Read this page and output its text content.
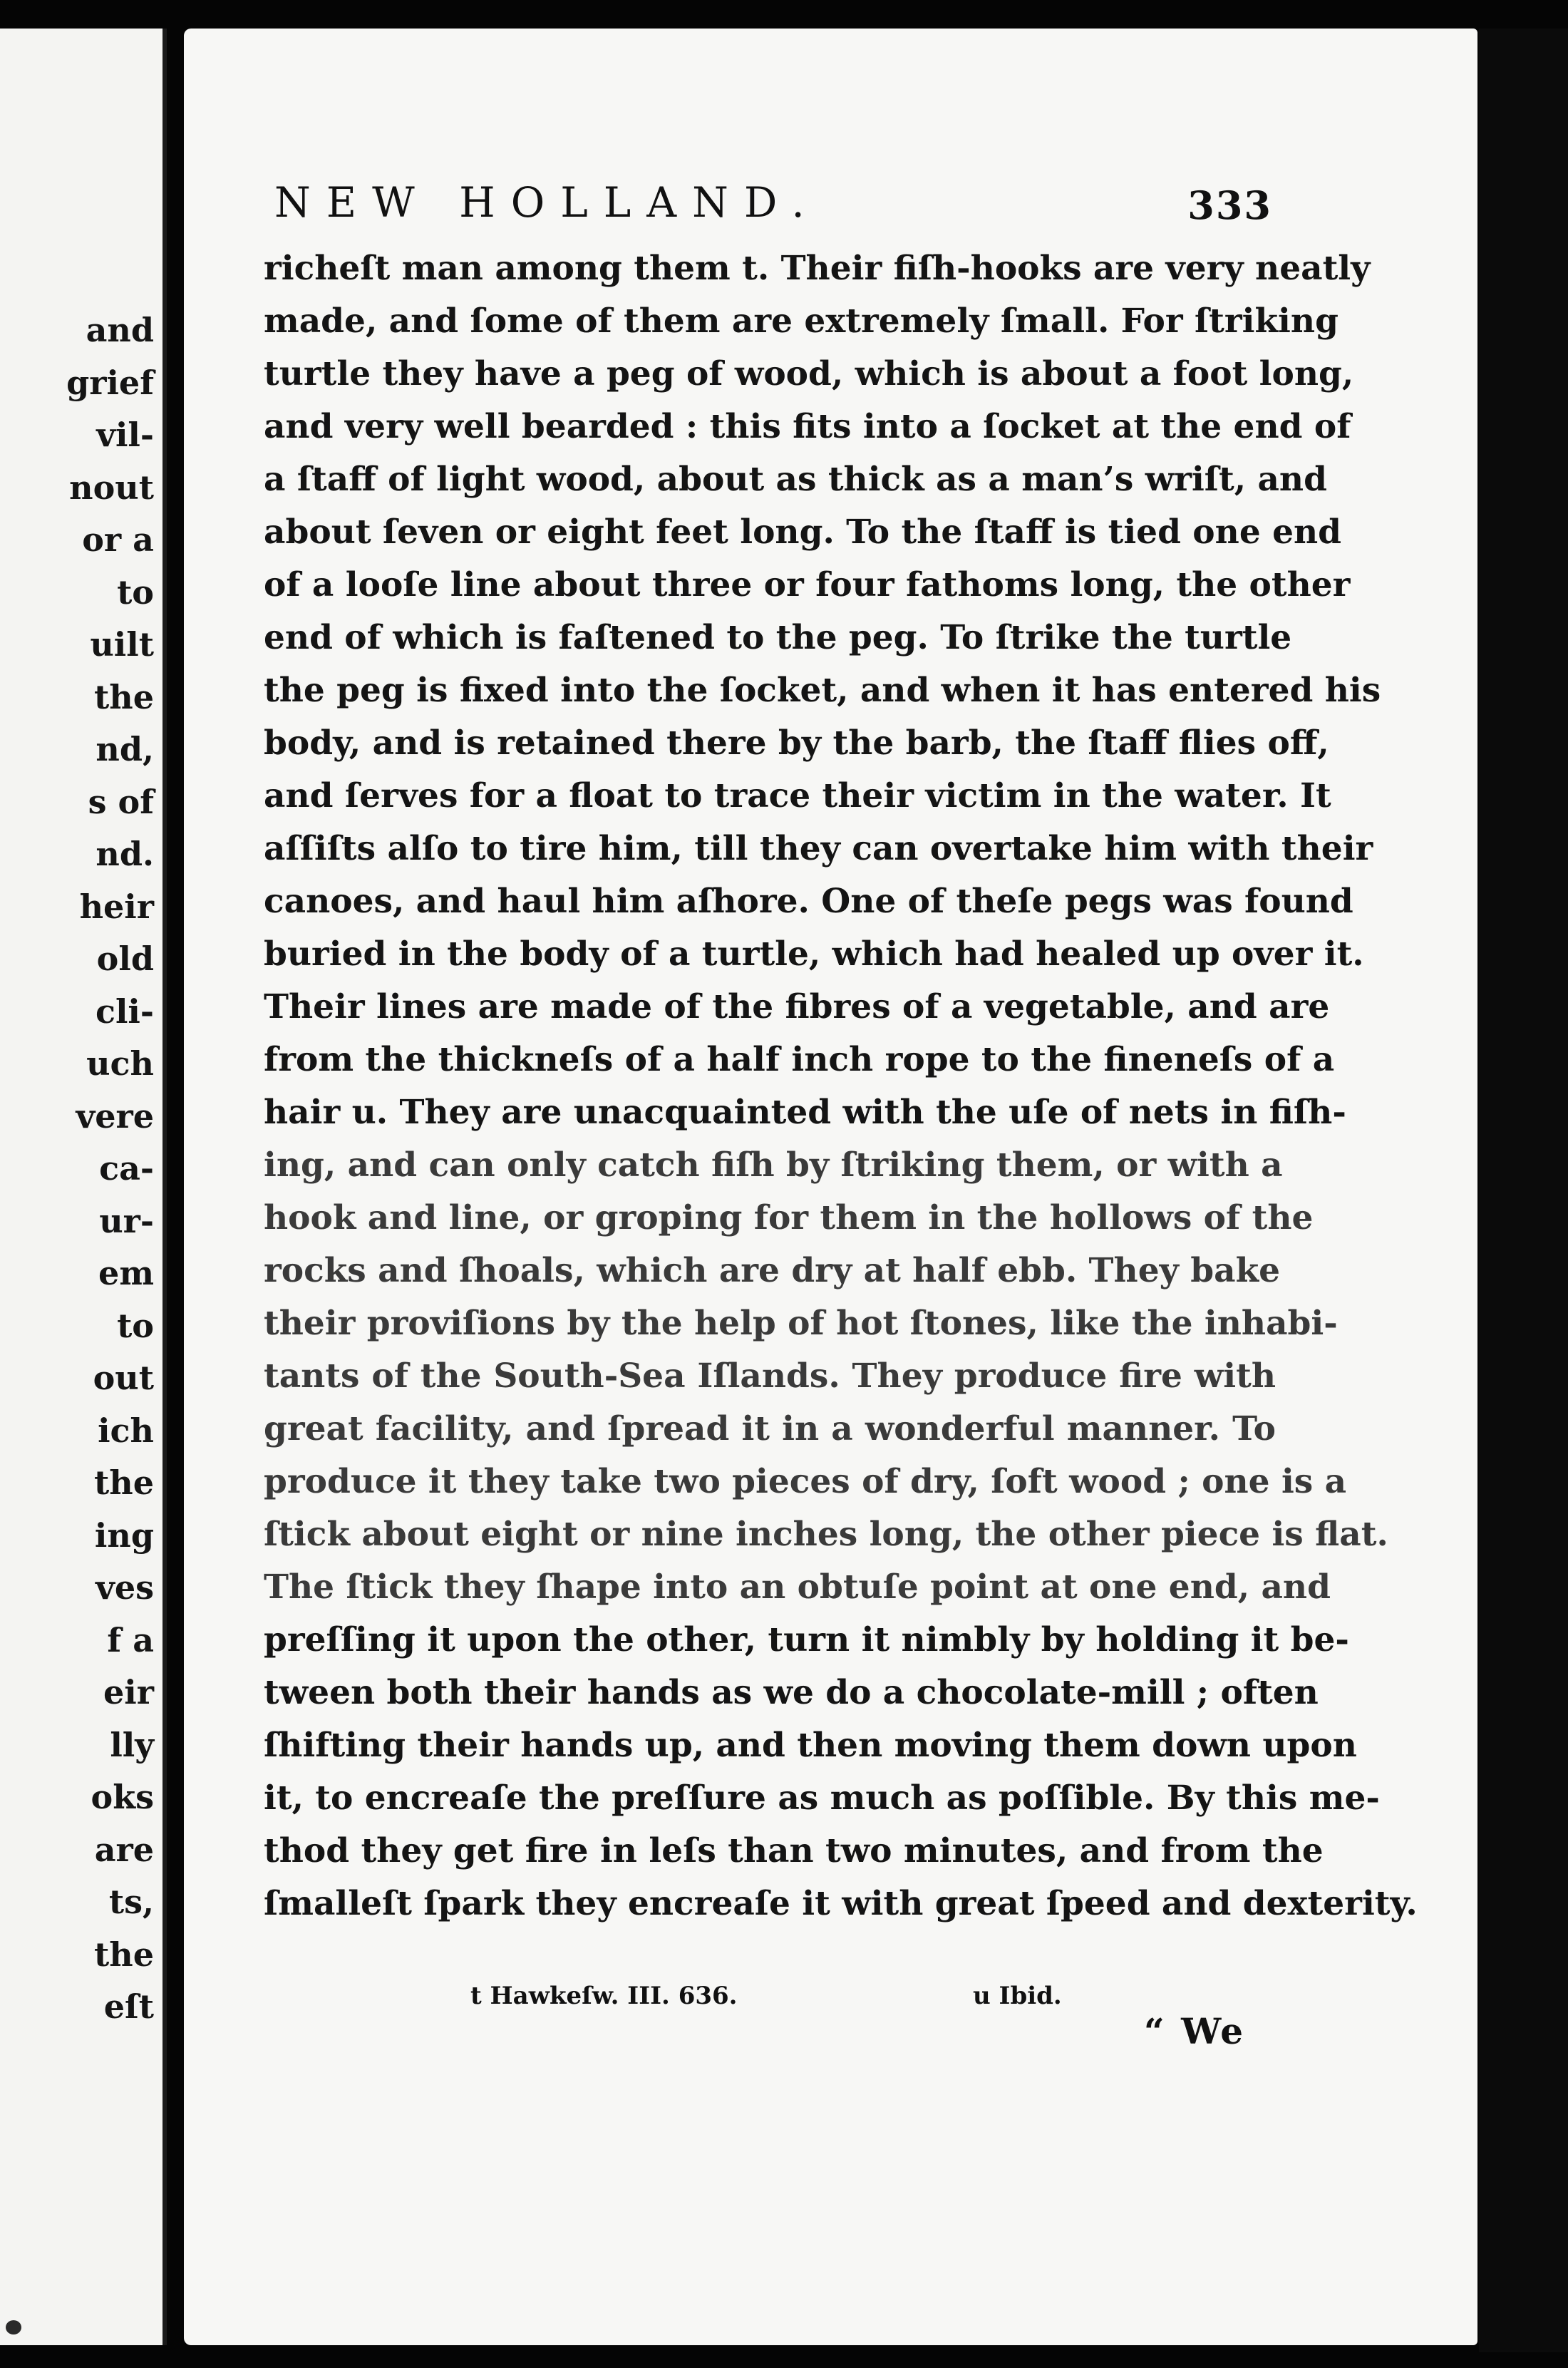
and
grief
vil-
nout
or a
to
uilt
the
nd,
s of
nd.
heir
old
cli-
uch
vere
ca-
ur-
em
to
out
ich
the
ing
ves
f a
eir
lly
oks
are
ts,
the
eſt
NEW HOLLAND.	333
richeſt man among them t. Their fiſh-hooks are very neatly
made, and ſome of them are extremely ſmall. For ſtriking
turtle they have a peg of wood, which is about a foot long,
and very well bearded : this fits into a ſocket at the end of
a ſtaff of light wood, about as thick as a man’s wriſt, and
about ſeven or eight feet long. To the ſtaff is tied one end
of a looſe line about three or four fathoms long, the other
end of which is faſtened to the peg. To ſtrike the turtle
the peg is fixed into the ſocket, and when it has entered his
body, and is retained there by the barb, the ſtaff flies off,
and ſerves for a float to trace their victim in the water. It
aſſiſts alſo to tire him, till they can overtake him with their
canoes, and haul him aſhore. One of theſe pegs was found
buried in the body of a turtle, which had healed up over it.
Their lines are made of the fibres of a vegetable, and are
from the thickneſs of a half inch rope to the fineneſs of a
hair u. They are unacquainted with the uſe of nets in fiſh-
ing, and can only catch fiſh by ſtriking them, or with a
hook and line, or groping for them in the hollows of the
rocks and ſhoals, which are dry at half ebb. They bake
their proviſions by the help of hot ſtones, like the inhabi-
tants of the South-Sea Iſlands. They produce fire with
great facility, and ſpread it in a wonderful manner. To
produce it they take two pieces of dry, ſoft wood ; one is a
ſtick about eight or nine inches long, the other piece is flat.
The ſtick they ſhape into an obtuſe point at one end, and
preſſing it upon the other, turn it nimbly by holding it be-
tween both their hands as we do a chocolate-mill ; often
ſhifting their hands up, and then moving them down upon
it, to encreaſe the preſſure as much as poſſible. By this me-
thod they get fire in leſs than two minutes, and from the
ſmalleſt ſpark they encreaſe it with great ſpeed and dexterity.
t Hawkeſw. III. 636.	u Ibid.
“ We
